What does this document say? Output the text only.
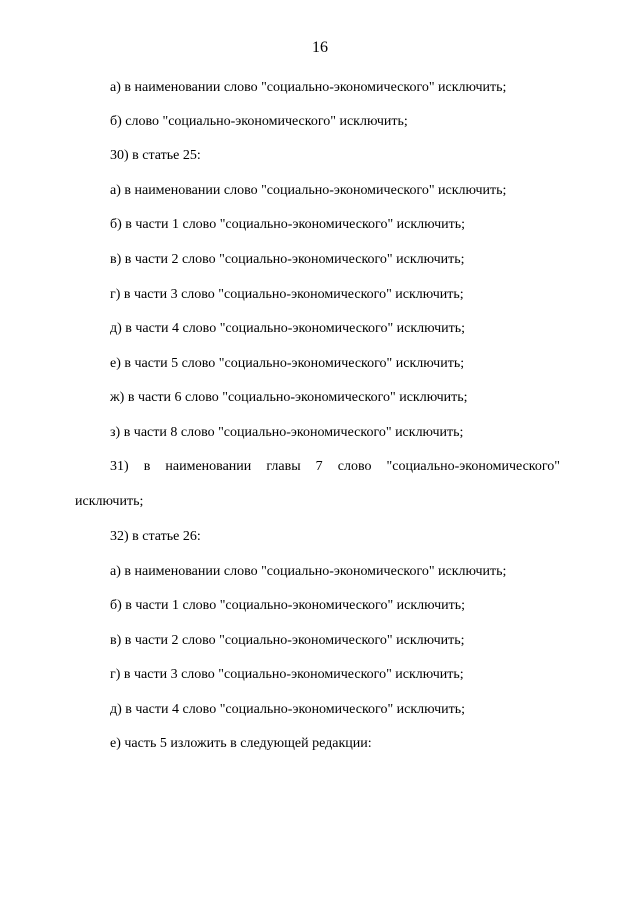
16
а) в наименовании слово "социально-экономического" исключить;
б) слово "социально-экономического" исключить;
30) в статье 25:
а) в наименовании слово "социально-экономического" исключить;
б) в части 1 слово "социально-экономического" исключить;
в) в части 2 слово "социально-экономического" исключить;
г) в части 3 слово "социально-экономического" исключить;
д) в части 4 слово "социально-экономического" исключить;
е) в части 5 слово "социально-экономического" исключить;
ж) в части 6 слово "социально-экономического" исключить;
з) в части 8 слово "социально-экономического" исключить;
31) в наименовании главы 7 слово "социально-экономического"
исключить;
32) в статье 26:
а) в наименовании слово "социально-экономического" исключить;
б) в части 1 слово "социально-экономического" исключить;
в) в части 2 слово "социально-экономического" исключить;
г) в части 3 слово "социально-экономического" исключить;
д) в части 4 слово "социально-экономического" исключить;
е) часть 5 изложить в следующей редакции:
